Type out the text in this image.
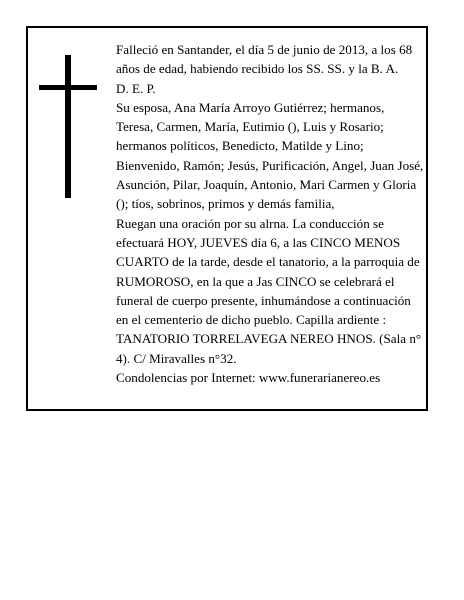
Falleció en Santander, el día 5 de junio de 2013, a los 68 años de edad, habiendo recibido los SS. SS. y la B. A.

D. E. P.

Su esposa, Ana María Arroyo Gutiérrez; hermanos, Teresa, Carmen, María, Eutimio (), Luis y Rosario; hermanos políticos, Benedicto, Matilde y Lino; Bienvenido, Ramón; Jesús, Purificación, Angel, Juan José, Asunción, Pilar, Joaquín, Antonio, Mari Carmen y Gloria (); tíos, sobrinos, primos y demás familia,

Ruegan una oración por su alrna. La conducción se efectuará HOY, JUEVES día 6, a las CINCO MENOS CUARTO de la tarde, desde el tanatorio, a la parroquia de RUMOROSO, en la que a Jas CINCO se celebrará el funeral de cuerpo presente, inhumándose a continuación en el cementerio de dicho pueblo. Capilla ardiente : TANATORIO TORRELAVEGA NEREO HNOS. (Sala n° 4). C/ Miravalles n°32.

Condolencias por Internet: www.funerarianereo.es
